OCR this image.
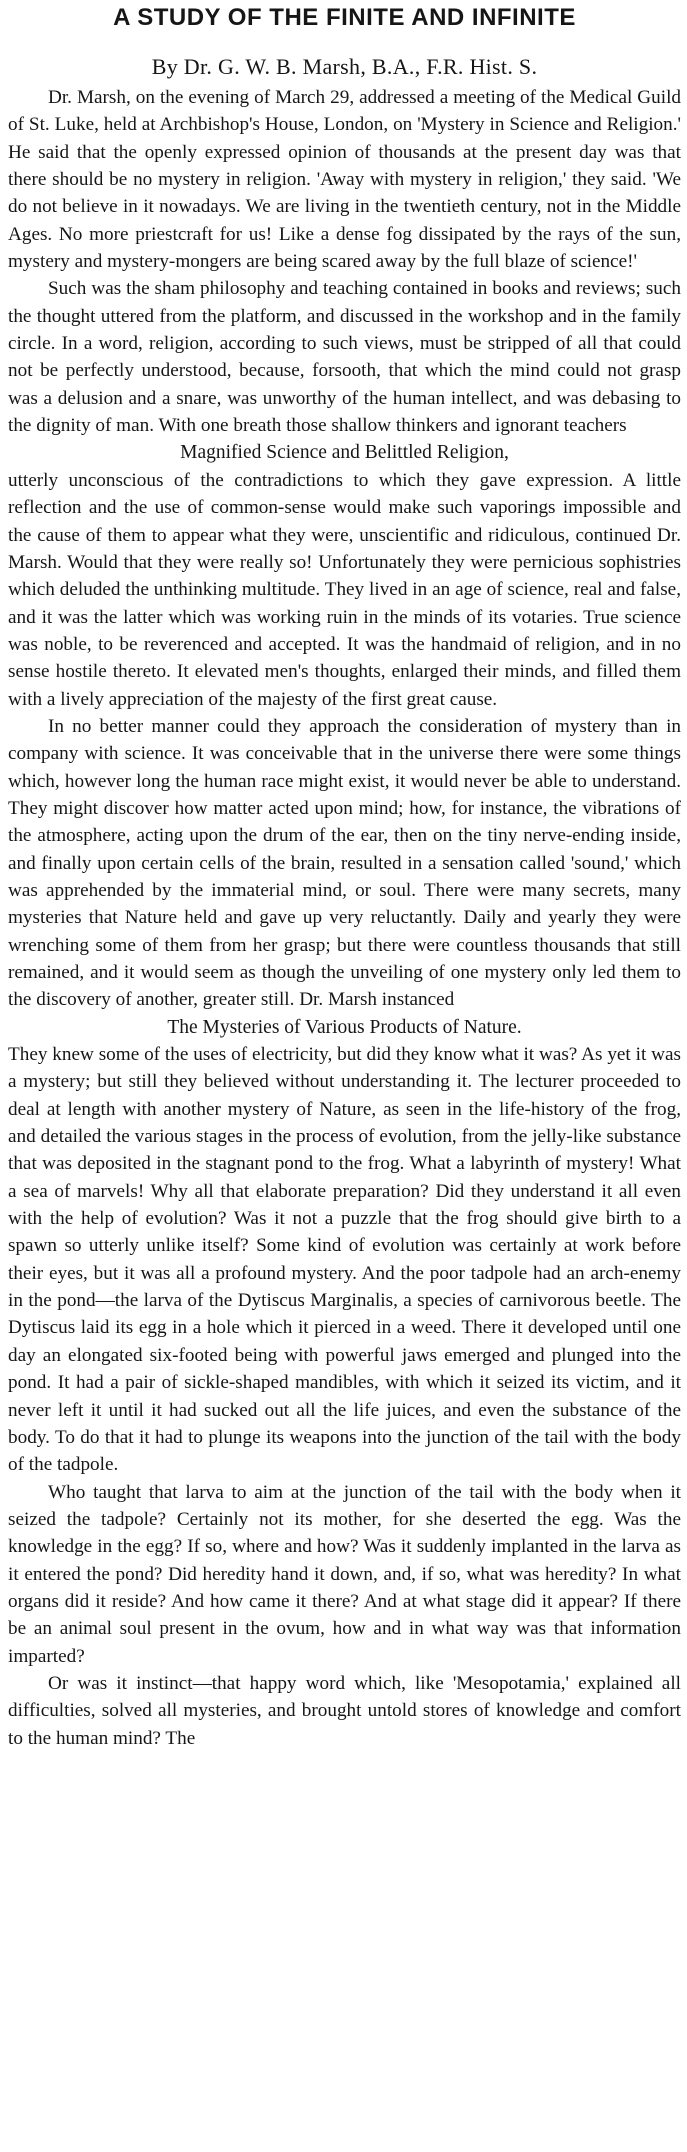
A STUDY OF THE FINITE AND INFINITE
By Dr. G. W. B. Marsh, B.A., F.R. Hist. S.

Dr. Marsh, on the evening of March 29, addressed a meeting of the Medical Guild of St. Luke, held at Archbishop's House, London, on 'Mystery in Science and Religion.' He said that the openly expressed opinion of thousands at the present day was that there should be no mystery in religion. 'Away with mystery in religion,' they said. 'We do not believe in it nowadays. We are living in the twentieth century, not in the Middle Ages. No more priestcraft for us! Like a dense fog dissipated by the rays of the sun, mystery and mystery-mongers are being scared away by the full blaze of science!'

Such was the sham philosophy and teaching contained in books and reviews; such the thought uttered from the platform, and discussed in the workshop and in the family circle. In a word, religion, according to such views, must be stripped of all that could not be perfectly understood, because, forsooth, that which the mind could not grasp was a delusion and a snare, was unworthy of the human intellect, and was debasing to the dignity of man. With one breath those shallow thinkers and ignorant teachers

Magnified Science and Belittled Religion,

utterly unconscious of the contradictions to which they gave expression. A little reflection and the use of common-sense would make such vaporings impossible and the cause of them to appear what they were, unscientific and ridiculous, continued Dr. Marsh. Would that they were really so! Unfortunately they were pernicious sophistries which deluded the unthinking multitude. They lived in an age of science, real and false, and it was the latter which was working ruin in the minds of its votaries. True science was noble, to be reverenced and accepted. It was the handmaid of religion, and in no sense hostile thereto. It elevated men's thoughts, enlarged their minds, and filled them with a lively appreciation of the majesty of the first great cause.

In no better manner could they approach the consideration of mystery than in company with science. It was conceivable that in the universe there were some things which, however long the human race might exist, it would never be able to understand. They might discover how matter acted upon mind; how, for instance, the vibrations of the atmosphere, acting upon the drum of the ear, then on the tiny nerve-ending inside, and finally upon certain cells of the brain, resulted in a sensation called 'sound,' which was apprehended by the immaterial mind, or soul. There were many secrets, many mysteries that Nature held and gave up very reluctantly. Daily and yearly they were wrenching some of them from her grasp; but there were countless thousands that still remained, and it would seem as though the unveiling of one mystery only led them to the discovery of another, greater still. Dr. Marsh instanced

The Mysteries of Various Products of Nature.

They knew some of the uses of electricity, but did they know what it was? As yet it was a mystery; but still they believed without understanding it. The lecturer proceeded to deal at length with another mystery of Nature, as seen in the life-history of the frog, and detailed the various stages in the process of evolution, from the jelly-like substance that was deposited in the stagnant pond to the frog. What a labyrinth of mystery! What a sea of marvels! Why all that elaborate preparation? Did they understand it all even with the help of evolution? Was it not a puzzle that the frog should give birth to a spawn so utterly unlike itself? Some kind of evolution was certainly at work before their eyes, but it was all a profound mystery. And the poor tadpole had an arch-enemy in the pond—the larva of the Dytiscus Marginalis, a species of carnivorous beetle. The Dytiscus laid its egg in a hole which it pierced in a weed. There it developed until one day an elongated six-footed being with powerful jaws emerged and plunged into the pond. It had a pair of sickle-shaped mandibles, with which it seized its victim, and it never left it until it had sucked out all the life juices, and even the substance of the body. To do that it had to plunge its weapons into the junction of the tail with the body of the tadpole.

Who taught that larva to aim at the junction of the tail with the body when it seized the tadpole? Certainly not its mother, for she deserted the egg. Was the knowledge in the egg? If so, where and how? Was it suddenly implanted in the larva as it entered the pond? Did heredity hand it down, and, if so, what was heredity? In what organs did it reside? And how came it there? And at what stage did it appear? If there be an animal soul present in the ovum, how and in what way was that information imparted?

Or was it instinct—that happy word which, like 'Mesopotamia,' explained all difficulties, solved all mysteries, and brought untold stores of knowledge and comfort to the human mind? The
